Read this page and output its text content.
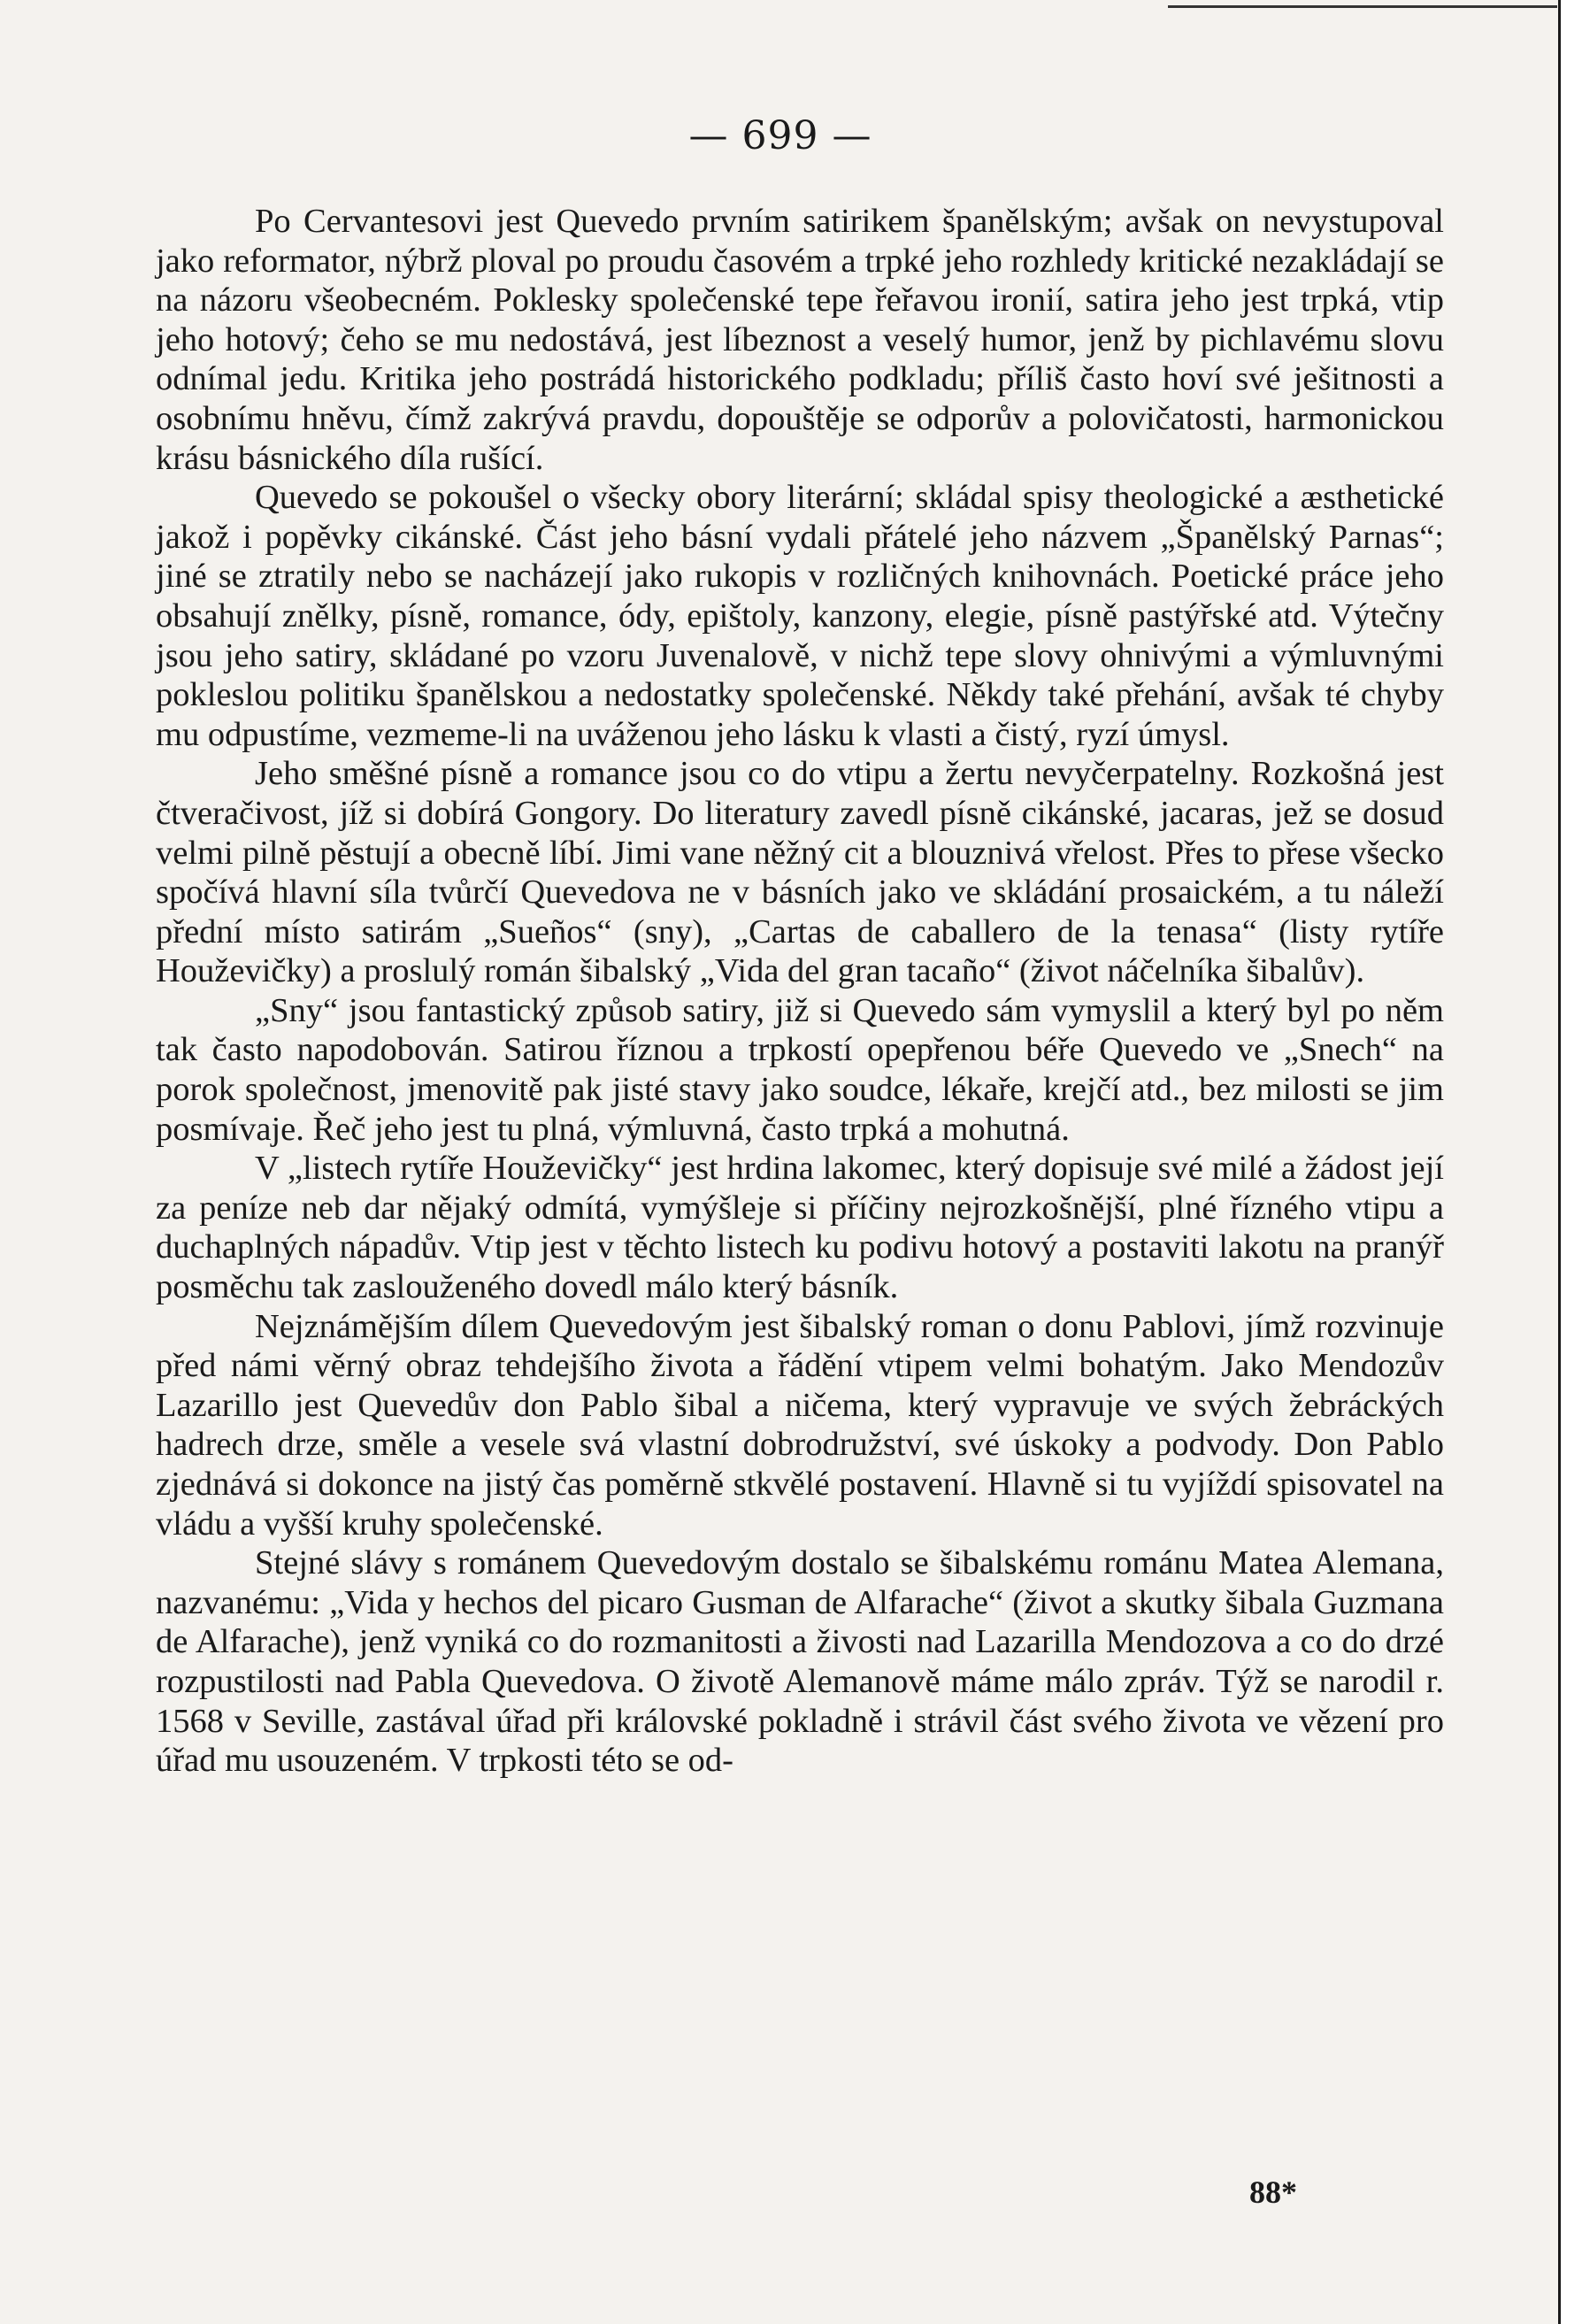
— 699 —

Po Cervantesovi jest Quevedo prvním satirikem španělským; avšak on nevystupoval jako reformator, nýbrž ploval po proudu časovém a trpké jeho rozhledy kritické nezakládají se na názoru všeobecném. Poklesky společenské tepe řeřavou ironií, satira jeho jest trpká, vtip jeho hotový; čeho se mu nedostává, jest líbeznost a veselý humor, jenž by pichlavému slovu odnímal jedu. Kritika jeho postrádá historického podkladu; příliš často hoví své ješitnosti a osobnímu hněvu, čímž zakrývá pravdu, dopouštěje se odporův a polovičatosti, harmonickou krásu básnického díla rušící.

Quevedo se pokoušel o všecky obory literární; skládal spisy theologické a æsthetické jakož i popěvky cikánské. Část jeho básní vydali přátelé jeho názvem „Španělský Parnas“; jiné se ztratily nebo se nacházejí jako rukopis v rozličných knihovnách. Poetické práce jeho obsahují znělky, písně, romance, ódy, epištoly, kanzony, elegie, písně pastýřské atd. Výtečny jsou jeho satiry, skládané po vzoru Juvenalově, v nichž tepe slovy ohnivými a výmluvnými pokleslou politiku španělskou a nedostatky společenské. Někdy také přehání, avšak té chyby mu odpustíme, vezmeme-li na uváženou jeho lásku k vlasti a čistý, ryzí úmysl.

Jeho směšné písně a romance jsou co do vtipu a žertu nevyčerpatelny. Rozkošná jest čtveračivost, jíž si dobírá Gongory. Do literatury zavedl písně cikánské, jacaras, jež se dosud velmi pilně pěstují a obecně líbí. Jimi vane něžný cit a blouznivá vřelost. Přes to přese všecko spočívá hlavní síla tvůrčí Quevedova ne v básních jako ve skládání prosaickém, a tu náleží přední místo satirám „Sueños“ (sny), „Cartas de caballero de la tenasa“ (listy rytíře Houževičky) a proslulý román šibalský „Vida del gran tacaño“ (život náčelníka šibalův).

„Sny“ jsou fantastický způsob satiry, již si Quevedo sám vymyslil a který byl po něm tak často napodobován. Satirou říznou a trpkostí opepřenou béře Quevedo ve „Snech“ na porok společnost, jmenovitě pak jisté stavy jako soudce, lékaře, krejčí atd., bez milosti se jim posmívaje. Řeč jeho jest tu plná, výmluvná, často trpká a mohutná.

V „listech rytíře Houževičky“ jest hrdina lakomec, který dopisuje své milé a žádost její za peníze neb dar nějaký odmítá, vymýšleje si příčiny nejrozkošnější, plné řízného vtipu a duchaplných nápadův. Vtip jest v těchto listech ku podivu hotový a postaviti lakotu na pranýř posměchu tak zaslouženého dovedl málo který básník.

Nejznámějším dílem Quevedovým jest šibalský roman o donu Pablovi, jímž rozvinuje před námi věrný obraz tehdejšího života a řádění vtipem velmi bohatým. Jako Mendozův Lazarillo jest Quevedův don Pablo šibal a ničema, který vypravuje ve svých žebráckých hadrech drze, směle a vesele svá vlastní dobrodružství, své úskoky a podvody. Don Pablo zjednává si dokonce na jistý čas poměrně stkvělé postavení. Hlavně si tu vyjíždí spisovatel na vládu a vyšší kruhy společenské.

Stejné slávy s románem Quevedovým dostalo se šibalskému románu Matea Alemana, nazvanému: „Vida y hechos del picaro Gusman de Alfarache“ (život a skutky šibala Guzmana de Alfarache), jenž vyniká co do rozmanitosti a živosti nad Lazarilla Mendozova a co do drzé rozpustilosti nad Pabla Quevedova. O životě Alemanově máme málo zpráv. Týž se narodil r. 1568 v Seville, zastával úřad při královské pokladně i strávil část svého života ve vězení pro úřad mu usouzeném. V trpkosti této se od-

88*
